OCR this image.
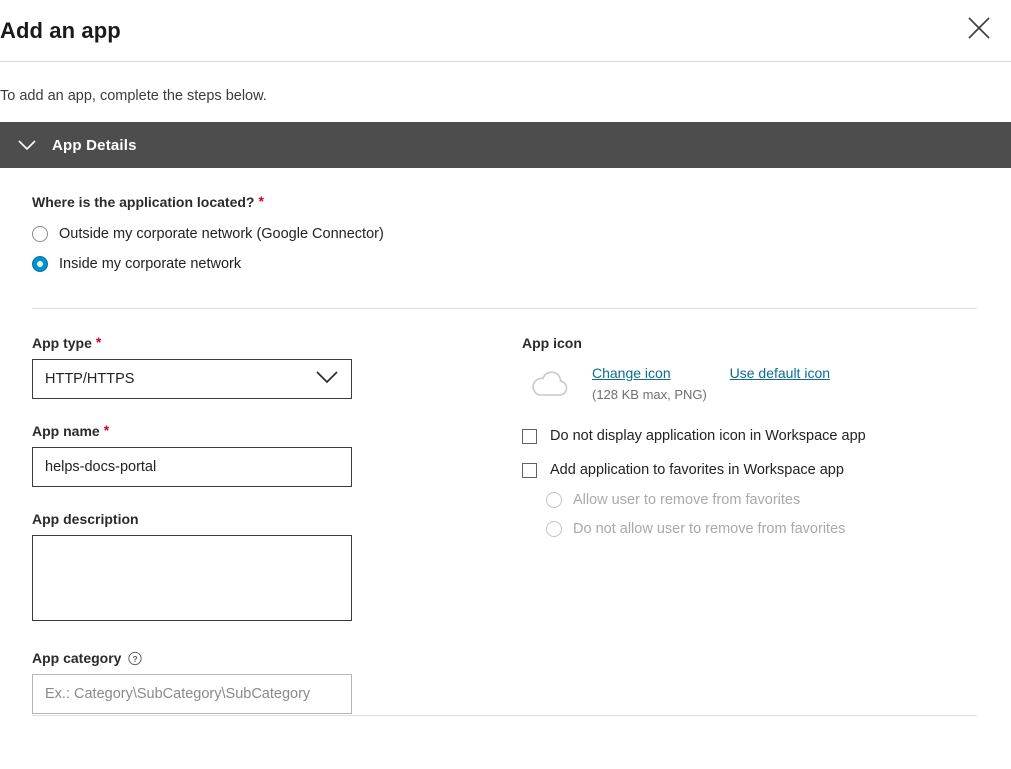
Add an app
To add an app, complete the steps below.
App Details
Where is the application located? *
Outside my corporate network (Google Connector)
Inside my corporate network
App type *
HTTP/HTTPS
App name *
helps-docs-portal
App description
App category ?
Ex.: Category\SubCategory\SubCategory
App icon
Change icon	Use default icon
(128 KB max, PNG)
Do not display application icon in Workspace app
Add application to favorites in Workspace app
Allow user to remove from favorites
Do not allow user to remove from favorites
